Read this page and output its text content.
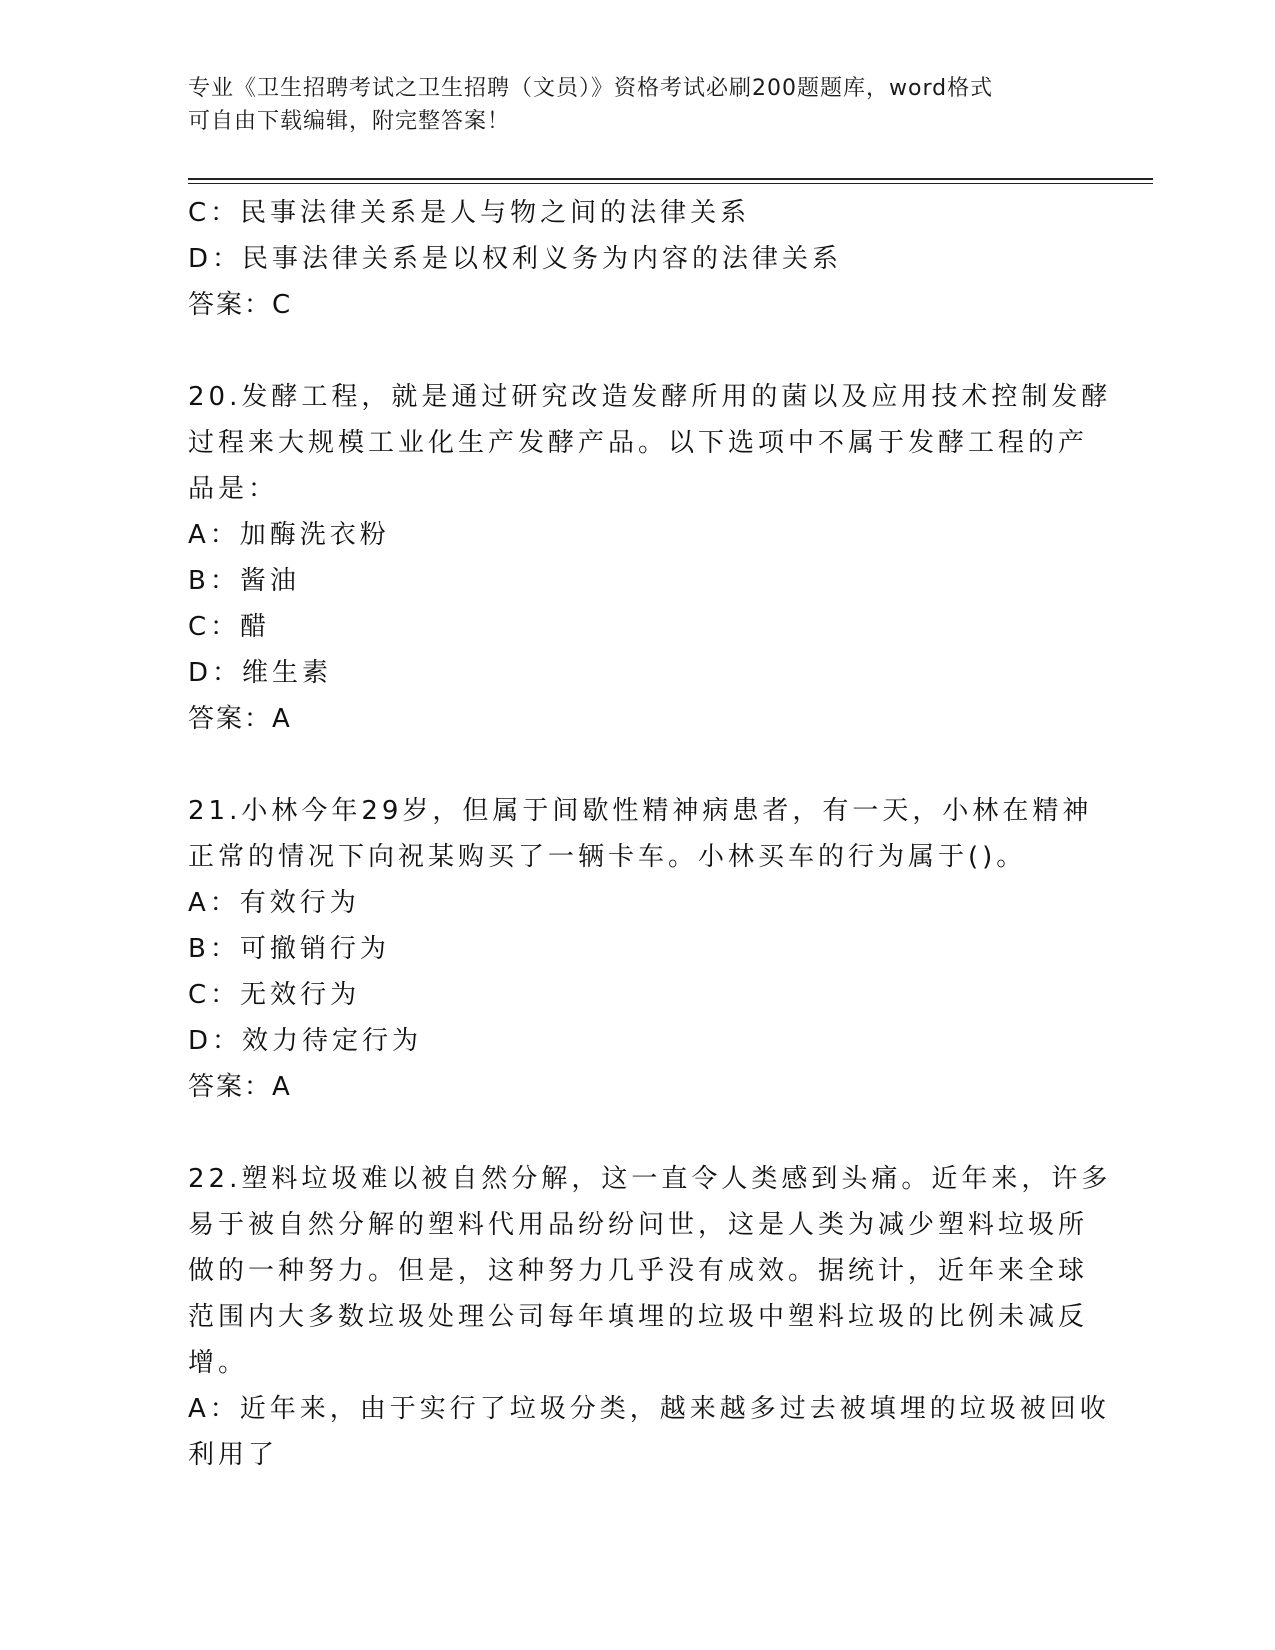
专业《卫生招聘考试之卫生招聘（文员）》资格考试必刷200题题库，word格式
可自由下载编辑，附完整答案！
C：民事法律关系是人与物之间的法律关系
D：民事法律关系是以权利义务为内容的法律关系
答案：C
20.发酵工程，就是通过研究改造发酵所用的菌以及应用技术控制发酵
过程来大规模工业化生产发酵产品。以下选项中不属于发酵工程的产
品是：
A：加酶洗衣粉
B：酱油
C：醋
D：维生素
答案：A
21.小林今年29岁，但属于间歇性精神病患者，有一天，小林在精神
正常的情况下向祝某购买了一辆卡车。小林买车的行为属于()。
A：有效行为
B：可撤销行为
C：无效行为
D：效力待定行为
答案：A
22.塑料垃圾难以被自然分解，这一直令人类感到头痛。近年来，许多
易于被自然分解的塑料代用品纷纷问世，这是人类为减少塑料垃圾所
做的一种努力。但是，这种努力几乎没有成效。据统计，近年来全球
范围内大多数垃圾处理公司每年填埋的垃圾中塑料垃圾的比例未减反
增。
A：近年来，由于实行了垃圾分类，越来越多过去被填埋的垃圾被回收
利用了
